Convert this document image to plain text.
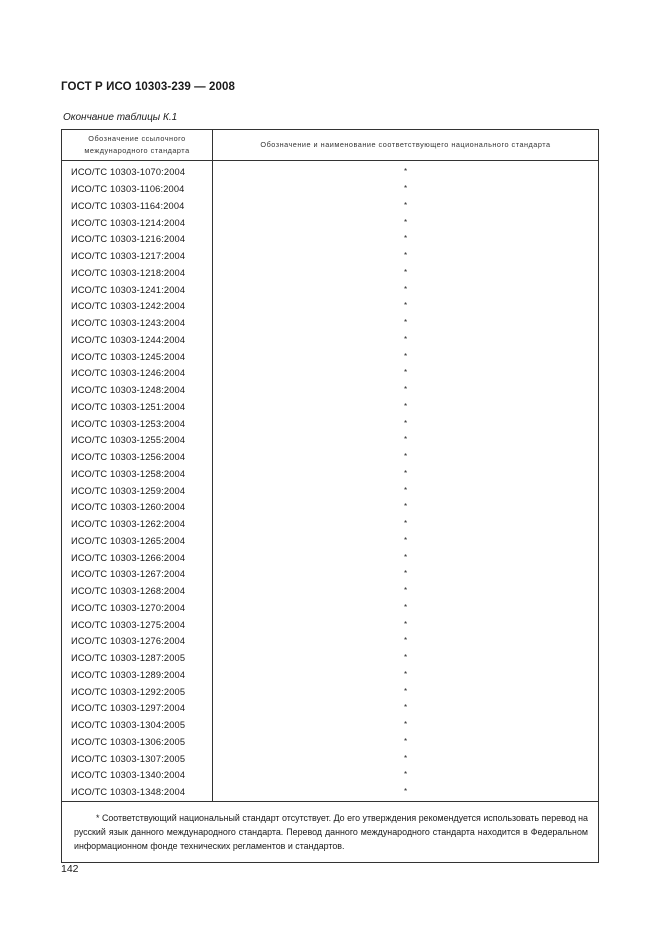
ГОСТ Р ИСО 10303-239 — 2008
Окончание таблицы К.1
Обозначение ссылочного международного стандарта	Обозначение и наименование соответствующего национального стандарта

ИСО/ТС 10303-1070:2004	*
ИСО/ТС 10303-1106:2004	*
ИСО/ТС 10303-1164:2004	*
ИСО/ТС 10303-1214:2004	*
ИСО/ТС 10303-1216:2004	*
ИСО/ТС 10303-1217:2004	*
ИСО/ТС 10303-1218:2004	*
ИСО/ТС 10303-1241:2004	*
ИСО/ТС 10303-1242:2004	*
ИСО/ТС 10303-1243:2004	*
ИСО/ТС 10303-1244:2004	*
ИСО/ТС 10303-1245:2004	*
ИСО/ТС 10303-1246:2004	*
ИСО/ТС 10303-1248:2004	*
ИСО/ТС 10303-1251:2004	*
ИСО/ТС 10303-1253:2004	*
ИСО/ТС 10303-1255:2004	*
ИСО/ТС 10303-1256:2004	*
ИСО/ТС 10303-1258:2004	*
ИСО/ТС 10303-1259:2004	*
ИСО/ТС 10303-1260:2004	*
ИСО/ТС 10303-1262:2004	*
ИСО/ТС 10303-1265:2004	*
ИСО/ТС 10303-1266:2004	*
ИСО/ТС 10303-1267:2004	*
ИСО/ТС 10303-1268:2004	*
ИСО/ТС 10303-1270:2004	*
ИСО/ТС 10303-1275:2004	*
ИСО/ТС 10303-1276:2004	*
ИСО/ТС 10303-1287:2005	*
ИСО/ТС 10303-1289:2004	*
ИСО/ТС 10303-1292:2005	*
ИСО/ТС 10303-1297:2004	*
ИСО/ТС 10303-1304:2005	*
ИСО/ТС 10303-1306:2005	*
ИСО/ТС 10303-1307:2005	*
ИСО/ТС 10303-1340:2004	*
ИСО/ТС 10303-1348:2004	*

* Соответствующий национальный стандарт отсутствует. До его утверждения рекомендуется использовать перевод на русский язык данного международного стандарта. Перевод данного международного стандарта находится в Федеральном информационном фонде технических регламентов и стандартов.	
142
